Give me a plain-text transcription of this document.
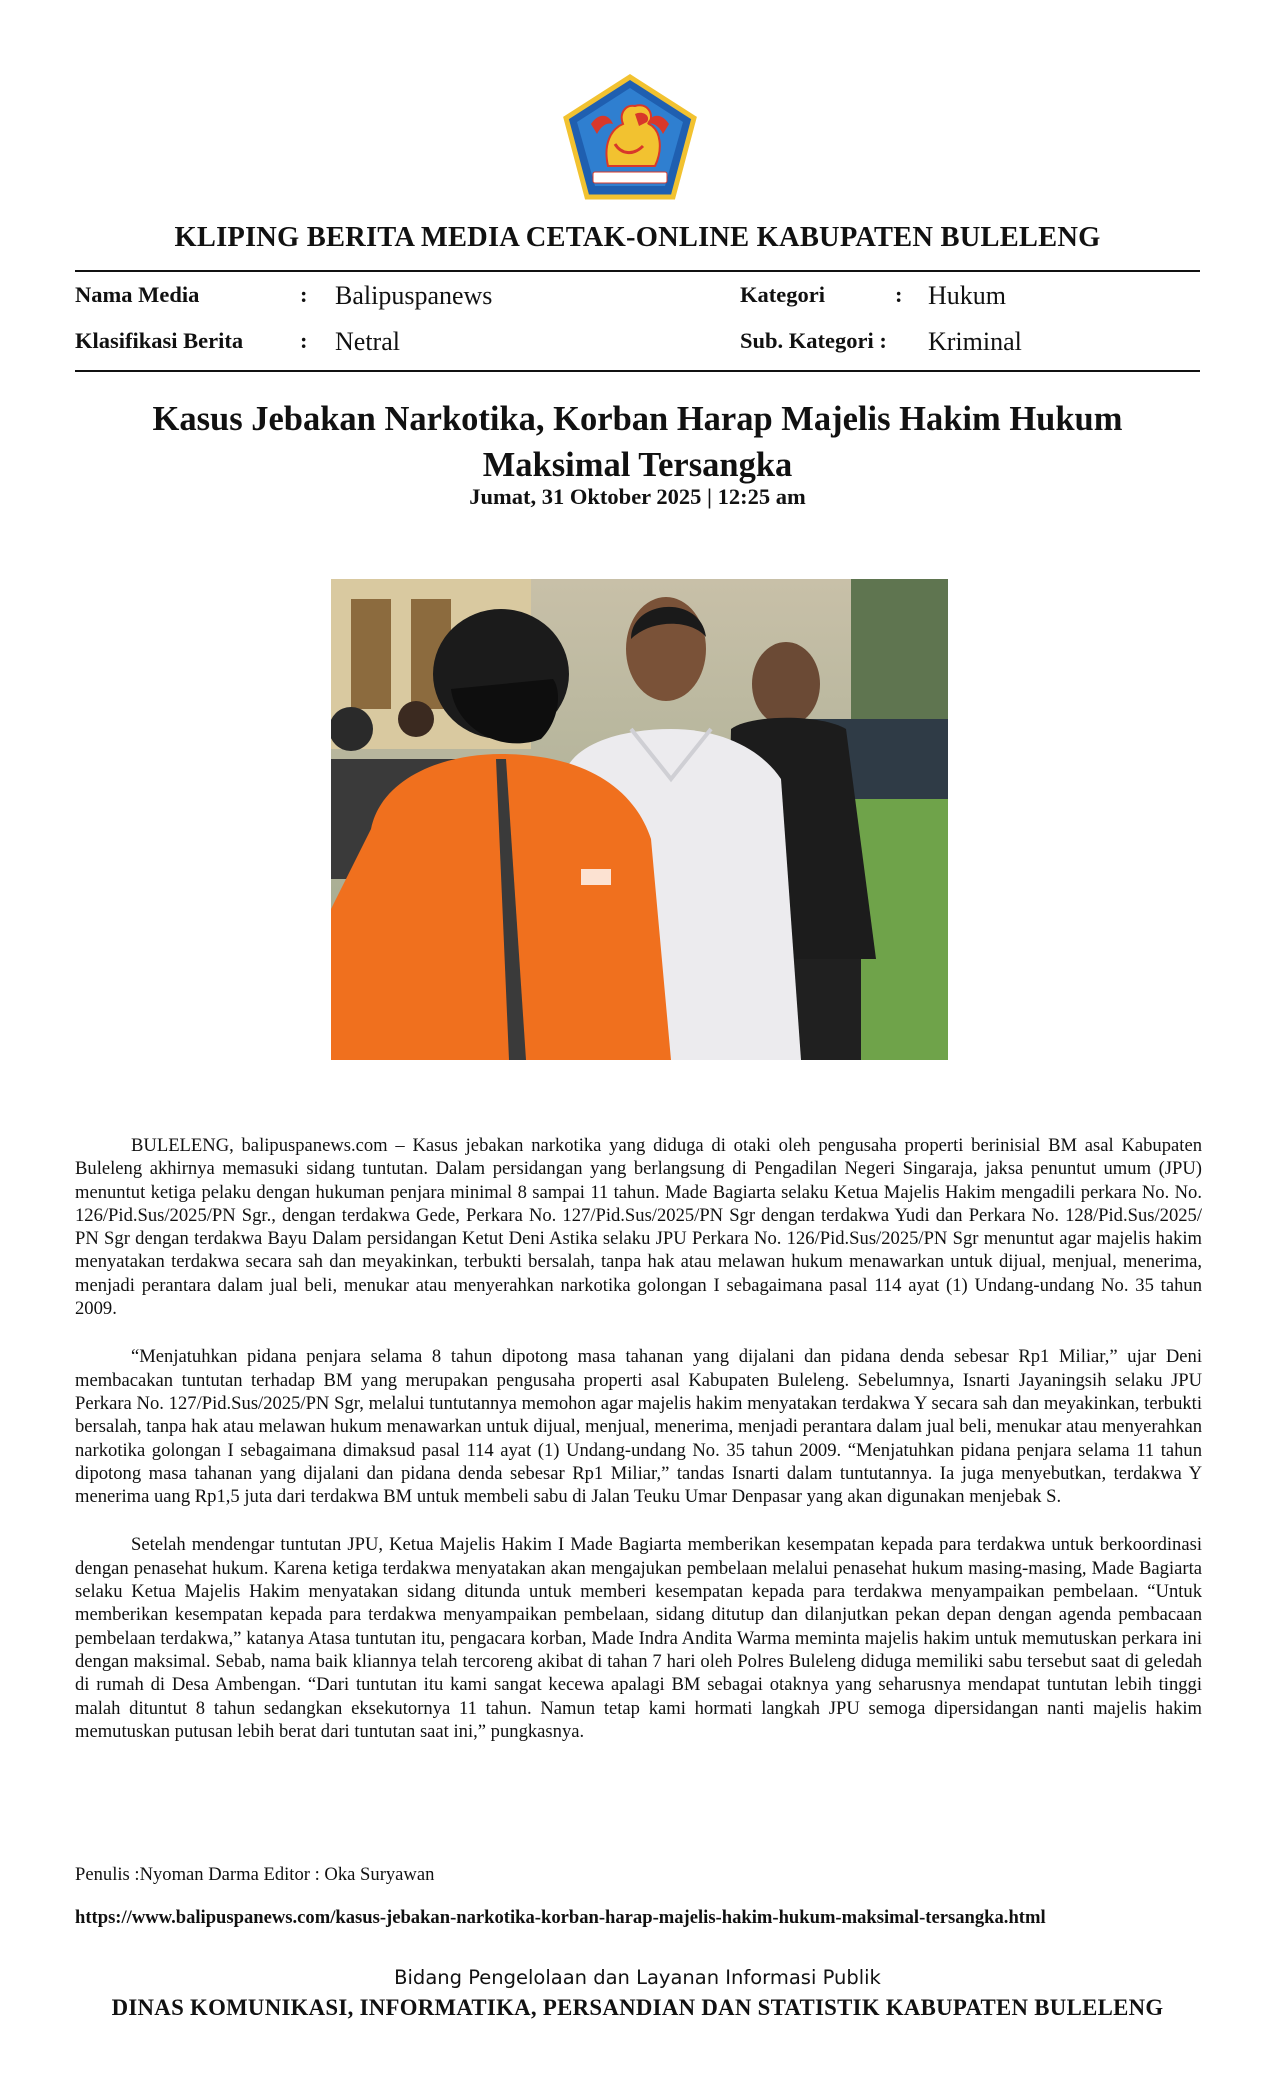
KLIPING BERITA MEDIA CETAK-ONLINE KABUPATEN BULELENG
Nama Media	: Balipuspanews	Kategori	: Hukum
Klasifikasi Berita	: Netral	Sub. Kategori : Kriminal
Kasus Jebakan Narkotika, Korban Harap Majelis Hakim Hukum Maksimal Tersangka
Jumat, 31 Oktober 2025 | 12:25 am

BULELENG, balipuspanews.com – Kasus jebakan narkotika yang diduga di otaki oleh pengusaha properti berinisial BM asal Kabupaten Buleleng akhirnya memasuki sidang tuntutan. Dalam persidangan yang berlangsung di Pengadilan Negeri Singaraja, jaksa penuntut umum (JPU) menuntut ketiga pelaku dengan hukuman penjara minimal 8 sampai 11 tahun. Made Bagiarta selaku Ketua Majelis Hakim mengadili perkara No. No. 126/Pid.Sus/2025/PN Sgr., dengan terdakwa Gede, Perkara No. 127/Pid.Sus/2025/PN Sgr dengan terdakwa Yudi dan Perkara No. 128/Pid.Sus/2025/ PN Sgr dengan terdakwa Bayu Dalam persidangan Ketut Deni Astika selaku JPU Perkara No. 126/Pid.Sus/2025/PN Sgr menuntut agar majelis hakim menyatakan terdakwa secara sah dan meyakinkan, terbukti bersalah, tanpa hak atau melawan hukum menawarkan untuk dijual, menjual, menerima, menjadi perantara dalam jual beli, menukar atau menyerahkan narkotika golongan I sebagaimana pasal 114 ayat (1) Undang-undang No. 35 tahun 2009.

“Menjatuhkan pidana penjara selama 8 tahun dipotong masa tahanan yang dijalani dan pidana denda sebesar Rp1 Miliar,” ujar Deni membacakan tuntutan terhadap BM yang merupakan pengusaha properti asal Kabupaten Buleleng. Sebelumnya, Isnarti Jayaningsih selaku JPU Perkara No. 127/Pid.Sus/2025/PN Sgr, melalui tuntutannya memohon agar majelis hakim menyatakan terdakwa Y secara sah dan meyakinkan, terbukti bersalah, tanpa hak atau melawan hukum menawarkan untuk dijual, menjual, menerima, menjadi perantara dalam jual beli, menukar atau menyerahkan narkotika golongan I sebagaimana dimaksud pasal 114 ayat (1) Undang-undang No. 35 tahun 2009. “Menjatuhkan pidana penjara selama 11 tahun dipotong masa tahanan yang dijalani dan pidana denda sebesar Rp1 Miliar,” tandas Isnarti dalam tuntutannya. Ia juga menyebutkan, terdakwa Y menerima uang Rp1,5 juta dari terdakwa BM untuk membeli sabu di Jalan Teuku Umar Denpasar yang akan digunakan menjebak S.

Setelah mendengar tuntutan JPU, Ketua Majelis Hakim I Made Bagiarta memberikan kesempatan kepada para terdakwa untuk berkoordinasi dengan penasehat hukum. Karena ketiga terdakwa menyatakan akan mengajukan pembelaan melalui penasehat hukum masing-masing, Made Bagiarta selaku Ketua Majelis Hakim menyatakan sidang ditunda untuk memberi kesempatan kepada para terdakwa menyampaikan pembelaan. “Untuk memberikan kesempatan kepada para terdakwa menyampaikan pembelaan, sidang ditutup dan dilanjutkan pekan depan dengan agenda pembacaan pembelaan terdakwa,” katanya Atasa tuntutan itu, pengacara korban, Made Indra Andita Warma meminta majelis hakim untuk memutuskan perkara ini dengan maksimal. Sebab, nama baik kliannya telah tercoreng akibat di tahan 7 hari oleh Polres Buleleng diduga memiliki sabu tersebut saat di geledah di rumah di Desa Ambengan. “Dari tuntutan itu kami sangat kecewa apalagi BM sebagai otaknya yang seharusnya mendapat tuntutan lebih tinggi malah dituntut 8 tahun sedangkan eksekutornya 11 tahun. Namun tetap kami hormati langkah JPU semoga dipersidangan nanti majelis hakim memutuskan putusan lebih berat dari tuntutan saat ini,” pungkasnya.

Penulis :Nyoman Darma Editor : Oka Suryawan
https://www.balipuspanews.com/kasus-jebakan-narkotika-korban-harap-majelis-hakim-hukum-maksimal-tersangka.html
Bidang Pengelolaan dan Layanan Informasi Publik
DINAS KOMUNIKASI, INFORMATIKA, PERSANDIAN DAN STATISTIK KABUPATEN BULELENG
